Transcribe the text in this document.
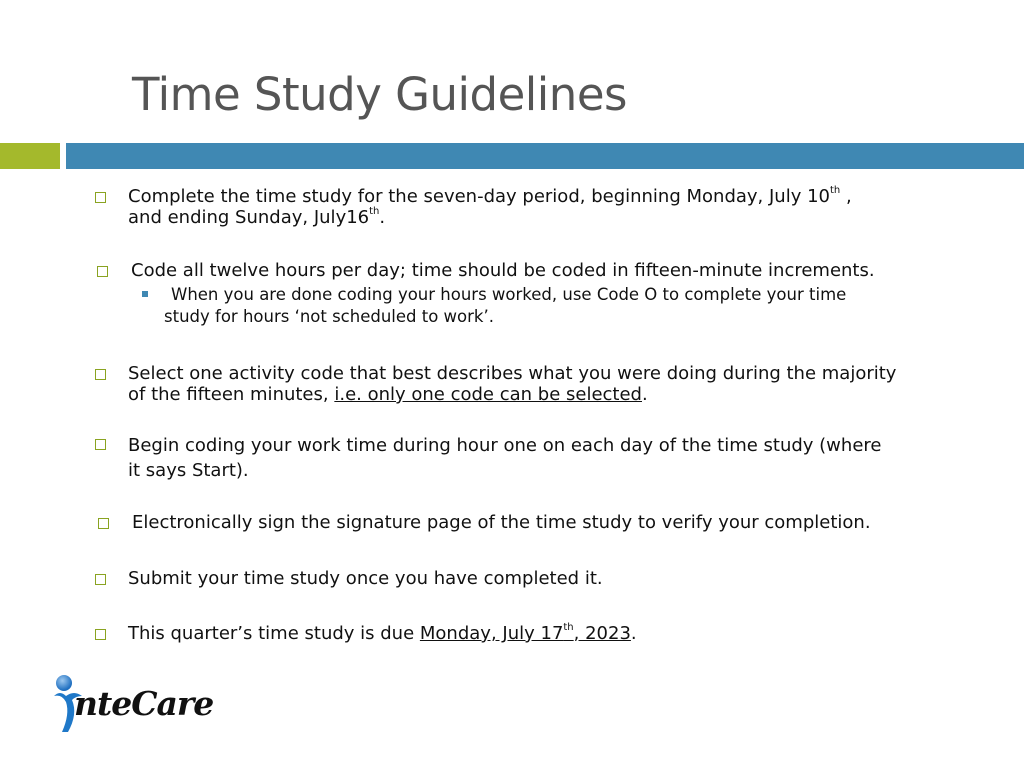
Time Study Guidelines
Complete the time study for the seven-day period, beginning Monday, July 10th ,
and ending Sunday, July16th.
Code all twelve hours per day; time should be coded in fifteen-minute increments.
When you are done coding your hours worked, use Code O to complete your time
study for hours ‘not scheduled to work’.
Select one activity code that best describes what you were doing during the majority
of the fifteen minutes, i.e. only one code can be selected.
Begin coding your work time during hour one on each day of the time study (where
it says Start).
Electronically sign the signature page of the time study to verify your completion.
Submit your time study once you have completed it.
This quarter’s time study is due Monday, July 17th, 2023.
nteCare
